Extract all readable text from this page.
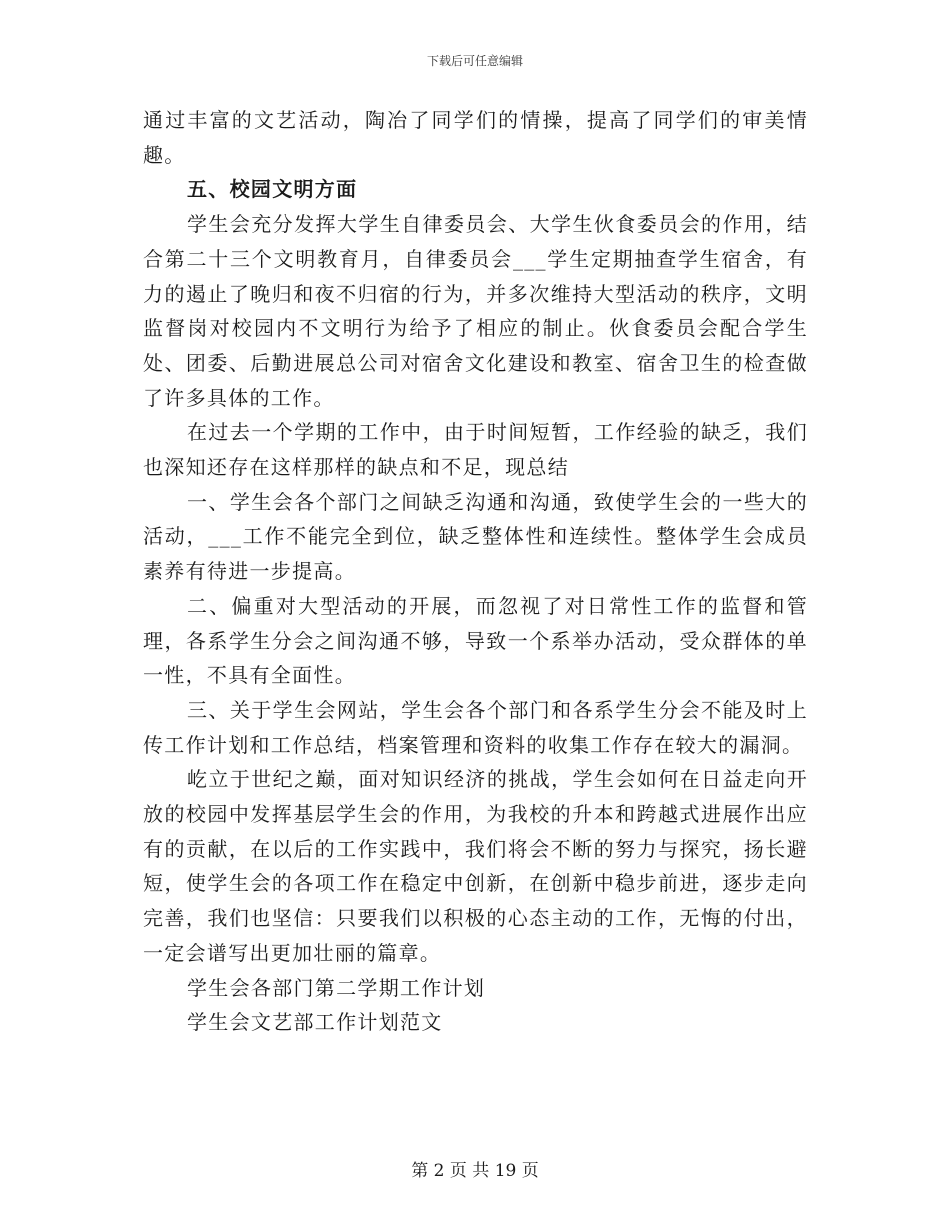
下载后可任意编辑

通过丰富的文艺活动，陶冶了同学们的情操，提高了同学们的审美情趣。

五、校园文明方面

学生会充分发挥大学生自律委员会、大学生伙食委员会的作用，结合第二十三个文明教育月，自律委员会___学生定期抽查学生宿舍，有力的遏止了晚归和夜不归宿的行为，并多次维持大型活动的秩序，文明监督岗对校园内不文明行为给予了相应的制止。伙食委员会配合学生处、团委、后勤进展总公司对宿舍文化建设和教室、宿舍卫生的检查做了许多具体的工作。

在过去一个学期的工作中，由于时间短暂，工作经验的缺乏，我们也深知还存在这样那样的缺点和不足，现总结

一、学生会各个部门之间缺乏沟通和沟通，致使学生会的一些大的活动，___工作不能完全到位，缺乏整体性和连续性。整体学生会成员素养有待进一步提高。

二、偏重对大型活动的开展，而忽视了对日常性工作的监督和管理，各系学生分会之间沟通不够，导致一个系举办活动，受众群体的单一性，不具有全面性。

三、关于学生会网站，学生会各个部门和各系学生分会不能及时上传工作计划和工作总结，档案管理和资料的收集工作存在较大的漏洞。

屹立于世纪之巅，面对知识经济的挑战，学生会如何在日益走向开放的校园中发挥基层学生会的作用，为我校的升本和跨越式进展作出应有的贡献，在以后的工作实践中，我们将会不断的努力与探究，扬长避短，使学生会的各项工作在稳定中创新，在创新中稳步前进，逐步走向完善，我们也坚信：只要我们以积极的心态主动的工作，无悔的付出，一定会谱写出更加壮丽的篇章。

学生会各部门第二学期工作计划

学生会文艺部工作计划范文

第 2 页 共 19 页
